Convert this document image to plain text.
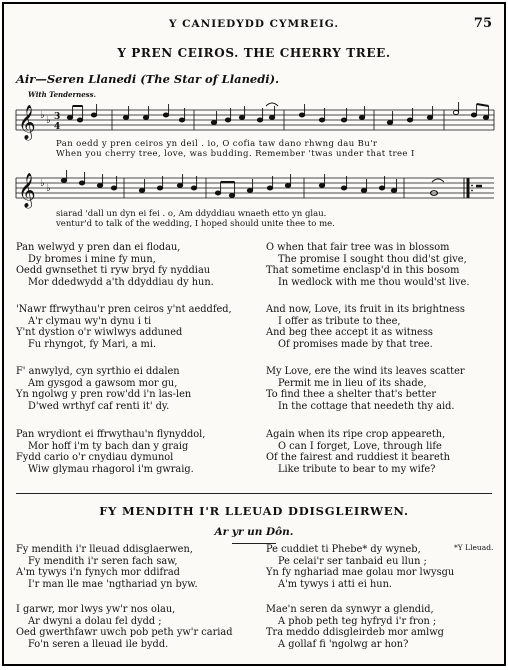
Y CANIEDYDD CYMREIG.	75
Y PREN CEIROS. THE CHERRY TREE.
Air—Seren Llanedi (The Star of Llanedi).
With Tenderness.
𝄞 ♭ ♭ 3
4
Pan oedd y pren ceiros yn deil . io, O cofia taw dano rhwng dau Bu'r
When you cherry tree, love, was budding. Remember 'twas under that tree I
𝄞 ♭ ♭
siarad 'dall un dyn ei fei . o, Am ddyddiau wnaeth etto yn glau.
ventur'd to talk of the wedding, I hoped should unite thee to me.
Pan welwyd y pren dan ei flodau,
Dy bromes i mine fy mun,
Oedd gwnsethet ti ryw bryd fy nyddiau
Mor ddedwydd a'th ddyddiau dy hun.
O when that fair tree was in blossom
The promise I sought thou did'st give,
That sometime enclasp'd in this bosom
In wedlock with me thou would'st live.
'Nawr ffrwythau'r pren ceiros y'nt aeddfed,
A'r clymau wy'n dynu i ti
Y'nt dystion o'r wiwlwys adduned
Fu rhyngot, fy Mari, a mi.
And now, Love, its fruit in its brightness
I offer as tribute to thee,
And beg thee accept it as witness
Of promises made by that tree.
F' anwylyd, cyn syrthio ei ddalen
Am gysgod a gawsom mor gu,
Yn ngolwg y pren row'dd i'n las-len
D'wed wrthyf caf renti it' dy.
My Love, ere the wind its leaves scatter
Permit me in lieu of its shade,
To find thee a shelter that's better
In the cottage that needeth thy aid.
Pan wrydiont ei ffrwythau'n flynyddol,
Mor hoff i'm ty bach dan y graig
Fydd cario o'r cnydiau dymunol
Wiw glymau rhagorol i'm gwraig.
Again when its ripe crop appeareth,
O can I forget, Love, through life
Of the fairest and ruddiest it beareth
Like tribute to bear to my wife?
FY MENDITH I'R LLEUAD DDISGLEIRWEN.
Ar yr un Dôn.
*Y Lleuad.
Fy mendith i'r lleuad ddisglaerwen,
Fy mendith i'r seren fach saw,
A'm tywys i'n fynych mor ddifrad
I'r man lle mae 'ngthariad yn byw.
Pe cuddiet ti Phebe* dy wyneb,
Pe celai'r ser tanbaid eu llun ;
Yn fy nghariad mae golau mor lwysgu
A'm tywys i atti ei hun.
I garwr, mor lwys yw'r nos olau,
Ar dwyni a dolau fel dydd ;
Oed gwerthfawr uwch pob peth yw'r cariad
Fo'n seren a lleuad ile bydd.
Mae'n seren da synwyr a glendid,
A phob peth teg hyfryd i'r fron ;
Tra meddo ddisgleirdeb mor amlwg
A gollaf fi 'ngolwg ar hon?
